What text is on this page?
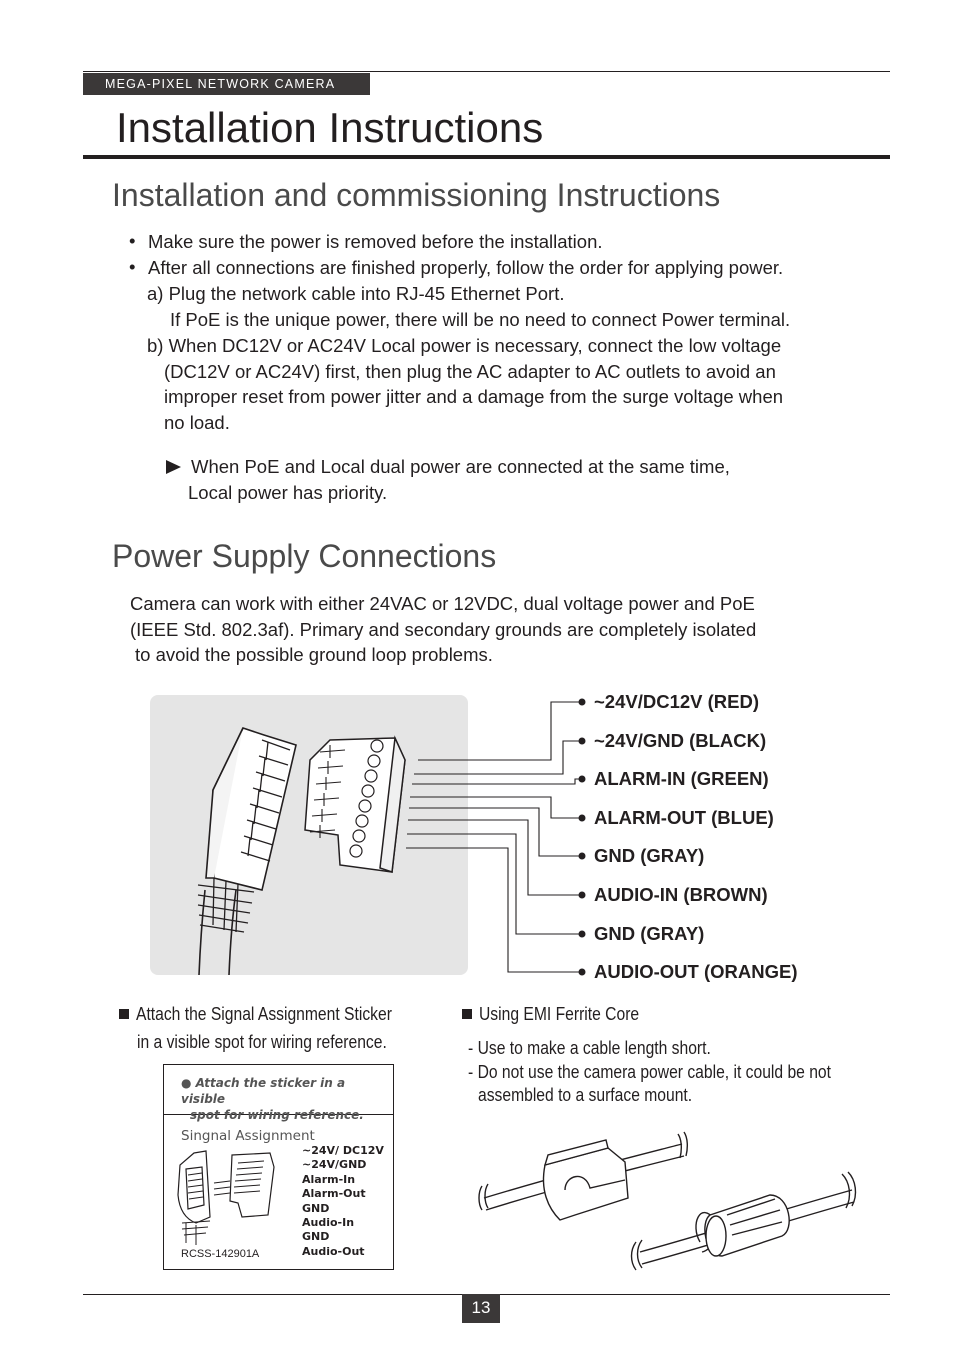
MEGA-PIXEL NETWORK CAMERA
Installation Instructions
Installation and commissioning Instructions
• Make sure the power is removed before the installation.
• After all connections are finished properly, follow the order for applying power.
a) Plug the network cable into RJ-45 Ethernet Port.
If PoE is the unique power, there will be no need to connect Power terminal.
b) When DC12V or AC24V Local power is necessary, connect the low voltage
(DC12V or AC24V) first, then plug the AC adapter to AC outlets to avoid an
improper reset from power jitter and a damage from the surge voltage when
no load.
When PoE and Local dual power are connected at the same time,
Local power has priority.
Power Supply Connections
Camera can work with either 24VAC or 12VDC, dual voltage power and PoE
(IEEE Std. 802.3af). Primary and secondary grounds are completely isolated
to avoid the possible ground loop problems.
~24V/DC12V (RED)
~24V/GND (BLACK)
ALARM-IN (GREEN)
ALARM-OUT (BLUE)
GND (GRAY)
AUDIO-IN (BROWN)
GND (GRAY)
AUDIO-OUT (ORANGE)
Attach the Signal Assignment Sticker
in a visible spot for wiring reference.
● Attach the sticker in a visible
spot for wiring reference.
Singnal Assignment
~24V/ DC12V
~24V/GND
Alarm-In
Alarm-Out
GND
Audio-In
GND
Audio-Out
RCSS-142901A
Using EMI Ferrite Core
- Use to make a cable length short.
- Do not use the camera power cable, it could be not
assembled to a surface mount.
13
